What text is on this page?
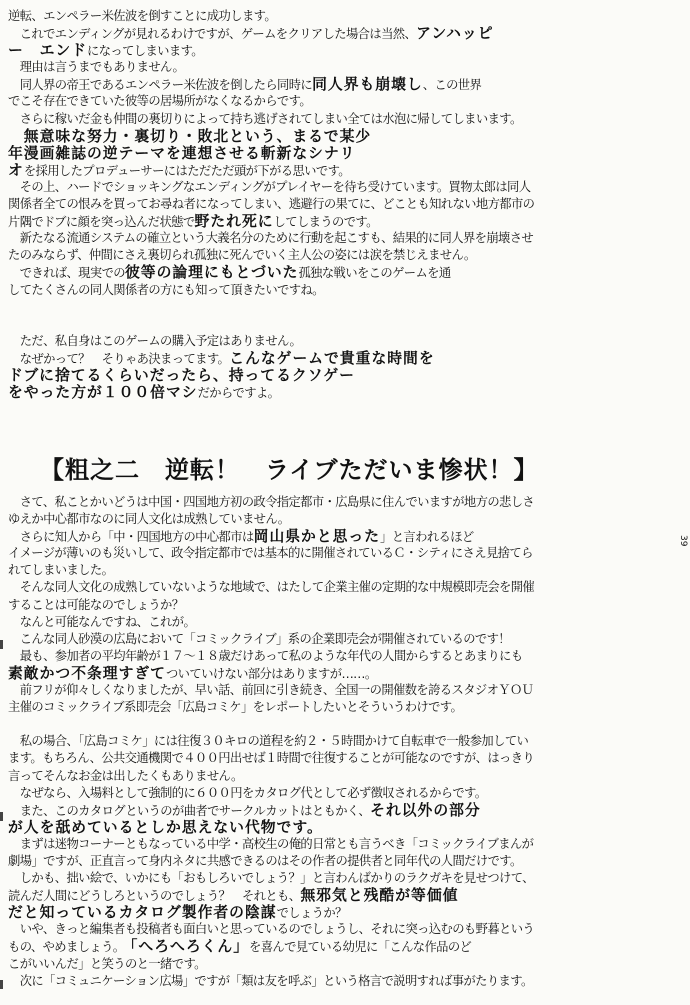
逆転、エンペラー米佐波を倒すことに成功します。
　これでエンディングが見れるわけですが、ゲームをクリアした場合は当然、アンハッピ
ー　エンドになってしまいます。
　理由は言うまでもありません。
　同人界の帝王であるエンペラー米佐波を倒したら同時に同人界も崩壊し、この世界
でこそ存在できていた彼等の居場所がなくなるからです。
　さらに稼いだ金も仲間の裏切りによって持ち逃げされてしまい全ては水泡に帰してしまいます。
　無意味な努力・裏切り・敗北という、まるで某少
年漫画雑誌の逆テーマを連想させる斬新なシナリ
オを採用したプロデューサーにはただただ頭が下がる思いです。
　その上、ハードでショッキングなエンディングがプレイヤーを待ち受けています。買物太郎は同人
関係者全ての恨みを買ってお尋ね者になってしまい、逃避行の果てに、どことも知れない地方都市の
片隅でドブに顔を突っ込んだ状態で野たれ死にしてしまうのです。
　新たなる流通システムの確立という大義名分のために行動を起こすも、結果的に同人界を崩壊させ
たのみならず、仲間にさえ裏切られ孤独に死んでいく主人公の姿には涙を禁じえません。
　できれば、現実での彼等の論理にもとづいた孤独な戦いをこのゲームを通
してたくさんの同人関係者の方にも知って頂きたいですね。
　ただ、私自身はこのゲームの購入予定はありません。
　なぜかって？　そりゃあ決まってます。こんなゲームで貴重な時間を
ドブに捨てるくらいだったら、持ってるクソゲー
をやった方が１００倍マシだからですよ。
【粗之二　逆転！　ライブただいま惨状！】
　さて、私ことかいどうは中国・四国地方初の政令指定都市・広島県に住んでいますが地方の悲しさ
ゆえか中心都市なのに同人文化は成熟していません。
　さらに知人から「中・四国地方の中心都市は岡山県かと思った」と言われるほど
イメージが薄いのも災いして、政令指定都市では基本的に開催されているＣ・シティにさえ見捨てら
れてしまいました。
　そんな同人文化の成熟していないような地域で、はたして企業主催の定期的な中規模即売会を開催
することは可能なのでしょうか？
　なんと可能なんですね、これが。
　こんな同人砂漠の広島において「コミックライブ」系の企業即売会が開催されているのです！
　最も、参加者の平均年齢が１７～１８歳だけあって私のような年代の人間からするとあまりにも
素敵かつ不条理すぎてついていけない部分はありますが……。
　前フリが仰々しくなりましたが、早い話、前回に引き続き、全国一の開催数を誇るスタジオＹＯＵ
主催のコミックライブ系即売会「広島コミケ」をレポートしたいとそういうわけです。
　私の場合、「広島コミケ」には往復３０キロの道程を約２・５時間かけて自転車で一般参加してい
ます。もちろん、公共交通機関で４００円出せば１時間で往復することが可能なのですが、はっきり
言ってそんなお金は出したくもありません。
　なぜなら、入場料として強制的に６００円をカタログ代として必ず徴収されるからです。
　また、このカタログというのが曲者でサークルカットはともかく、それ以外の部分
が人を舐めているとしか思えない代物です。
　まずは迷物コーナーともなっている中学・高校生の俺的日常とも言うべき「コミックライブまんが
劇場」ですが、正直言って身内ネタに共感できるのはその作者の提供者と同年代の人間だけです。
　しかも、拙い絵で、いかにも「おもしろいでしょう？」と言わんばかりのラクガキを見せつけて、
読んだ人間にどうしろというのでしょう？　それとも、無邪気と残酷が等価値
だと知っているカタログ製作者の陰謀でしょうか？
　いや、きっと編集者も投稿者も面白いと思っているのでしょうし、それに突っ込むのも野暮という
もの、やめましょう。　「へろへろくん」を喜んで見ている幼児に「こんな作品のど
こがいいんだ」と笑うのと一緒です。
　次に「コミュニケーション広場」ですが「類は友を呼ぶ」という格言で説明すれば事がたります。
39
